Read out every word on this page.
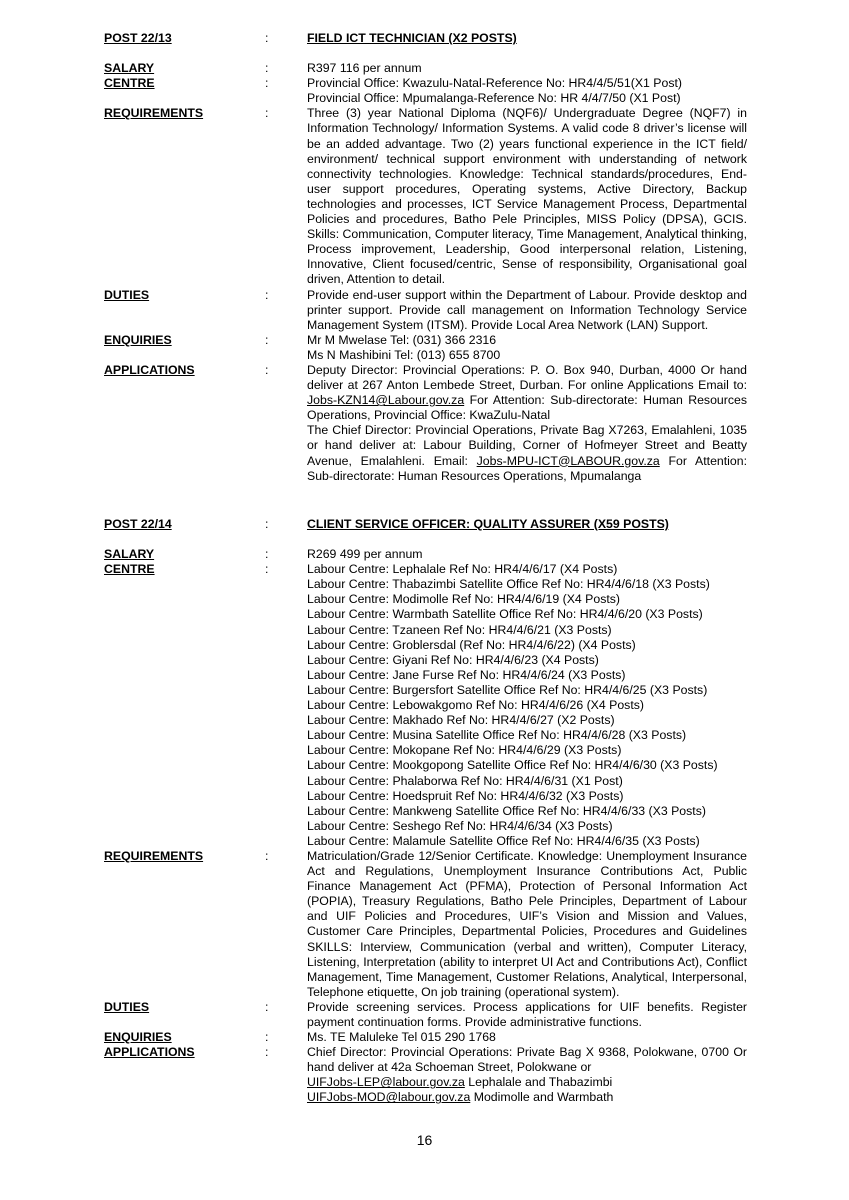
POST 22/13	:	FIELD ICT TECHNICIAN (X2 POSTS)
SALARY	:	R397 116 per annum
CENTRE	:	Provincial Office: Kwazulu-Natal-Reference No: HR4/4/5/51(X1 Post)
Provincial Office: Mpumalanga-Reference No: HR 4/4/7/50 (X1 Post)
REQUIREMENTS	:	Three (3) year National Diploma (NQF6)/ Undergraduate Degree (NQF7) in Information Technology/ Information Systems. A valid code 8 driver’s license will be an added advantage. Two (2) years functional experience in the ICT field/ environment/ technical support environment with understanding of network connectivity technologies. Knowledge: Technical standards/procedures, End-user support procedures, Operating systems, Active Directory, Backup technologies and processes, ICT Service Management Process, Departmental Policies and procedures, Batho Pele Principles, MISS Policy (DPSA), GCIS. Skills: Communication, Computer literacy, Time Management, Analytical thinking, Process improvement, Leadership, Good interpersonal relation, Listening, Innovative, Client focused/centric, Sense of responsibility, Organisational goal driven, Attention to detail.
DUTIES	:	Provide end-user support within the Department of Labour. Provide desktop and printer support. Provide call management on Information Technology Service Management System (ITSM). Provide Local Area Network (LAN) Support.
ENQUIRIES	:	Mr M Mwelase Tel: (031) 366 2316
Ms N Mashibini Tel: (013) 655 8700
APPLICATIONS	:	Deputy Director: Provincial Operations: P. O. Box 940, Durban, 4000 Or hand deliver at 267 Anton Lembede Street, Durban. For online Applications Email to: Jobs-KZN14@Labour.gov.za For Attention: Sub-directorate: Human Resources Operations, Provincial Office: KwaZulu-Natal
The Chief Director: Provincial Operations, Private Bag X7263, Emalahleni, 1035 or hand deliver at: Labour Building, Corner of Hofmeyer Street and Beatty Avenue, Emalahleni. Email: Jobs-MPU-ICT@LABOUR.gov.za For Attention: Sub-directorate: Human Resources Operations, Mpumalanga
POST 22/14	:	CLIENT SERVICE OFFICER: QUALITY ASSURER (X59 POSTS)
SALARY	:	R269 499 per annum
CENTRE	:	Labour Centre: Lephalale Ref No: HR4/4/6/17 (X4 Posts)
Labour Centre: Thabazimbi Satellite Office Ref No: HR4/4/6/18 (X3 Posts)
Labour Centre: Modimolle Ref No: HR4/4/6/19 (X4 Posts)
Labour Centre: Warmbath Satellite Office Ref No: HR4/4/6/20 (X3 Posts)
Labour Centre: Tzaneen Ref No: HR4/4/6/21 (X3 Posts)
Labour Centre: Groblersdal (Ref No: HR4/4/6/22) (X4 Posts)
Labour Centre: Giyani Ref No: HR4/4/6/23 (X4 Posts)
Labour Centre: Jane Furse Ref No: HR4/4/6/24 (X3 Posts)
Labour Centre: Burgersfort Satellite Office Ref No: HR4/4/6/25 (X3 Posts)
Labour Centre: Lebowakgomo Ref No: HR4/4/6/26 (X4 Posts)
Labour Centre: Makhado Ref No: HR4/4/6/27 (X2 Posts)
Labour Centre: Musina Satellite Office Ref No: HR4/4/6/28 (X3 Posts)
Labour Centre: Mokopane Ref No: HR4/4/6/29 (X3 Posts)
Labour Centre: Mookgopong Satellite Office Ref No: HR4/4/6/30 (X3 Posts)
Labour Centre: Phalaborwa Ref No: HR4/4/6/31 (X1 Post)
Labour Centre: Hoedspruit Ref No: HR4/4/6/32 (X3 Posts)
Labour Centre: Mankweng Satellite Office Ref No: HR4/4/6/33 (X3 Posts)
Labour Centre: Seshego Ref No: HR4/4/6/34 (X3 Posts)
Labour Centre: Malamule Satellite Office Ref No: HR4/4/6/35 (X3 Posts)
REQUIREMENTS	:	Matriculation/Grade 12/Senior Certificate. Knowledge: Unemployment Insurance Act and Regulations, Unemployment Insurance Contributions Act, Public Finance Management Act (PFMA), Protection of Personal Information Act (POPIA), Treasury Regulations, Batho Pele Principles, Department of Labour and UIF Policies and Procedures, UIF’s Vision and Mission and Values, Customer Care Principles, Departmental Policies, Procedures and Guidelines SKILLS: Interview, Communication (verbal and written), Computer Literacy, Listening, Interpretation (ability to interpret UI Act and Contributions Act), Conflict Management, Time Management, Customer Relations, Analytical, Interpersonal, Telephone etiquette, On job training (operational system).
DUTIES	:	Provide screening services. Process applications for UIF benefits. Register payment continuation forms. Provide administrative functions.
ENQUIRIES	:	Ms. TE Maluleke Tel 015 290 1768
APPLICATIONS	:	Chief Director: Provincial Operations: Private Bag X 9368, Polokwane, 0700 Or hand deliver at 42a Schoeman Street, Polokwane or
UIFJobs-LEP@labour.gov.za Lephalale and Thabazimbi
UIFJobs-MOD@labour.gov.za Modimolle and Warmbath
16
